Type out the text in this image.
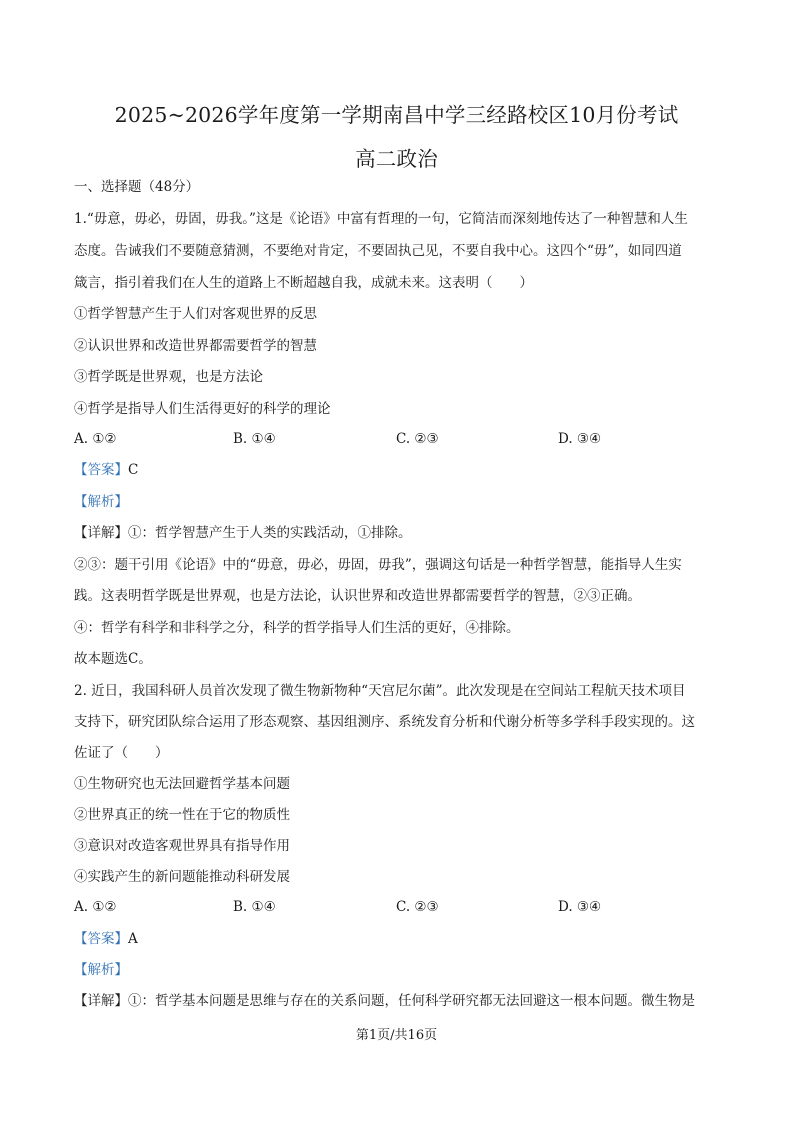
2025~2026学年度第一学期南昌中学三经路校区10月份考试
高二政治
一、选择题（48分）
1.“毋意，毋必，毋固，毋我。”这是《论语》中富有哲理的一句，它简洁而深刻地传达了一种智慧和人生
态度。告诫我们不要随意猜测，不要绝对肯定，不要固执己见，不要自我中心。这四个“毋”，如同四道
箴言，指引着我们在人生的道路上不断超越自我，成就未来。这表明（　　）
①哲学智慧产生于人们对客观世界的反思
②认识世界和改造世界都需要哲学的智慧
③哲学既是世界观，也是方法论
④哲学是指导人们生活得更好的科学的理论
A. ①②	B. ①④	C. ②③	D. ③④
【答案】C
【解析】
【详解】①：哲学智慧产生于人类的实践活动，①排除。
②③：题干引用《论语》中的“毋意，毋必，毋固，毋我”，强调这句话是一种哲学智慧，能指导人生实
践。这表明哲学既是世界观，也是方法论，认识世界和改造世界都需要哲学的智慧，②③正确。
④：哲学有科学和非科学之分，科学的哲学指导人们生活的更好，④排除。
故本题选C。
2. 近日，我国科研人员首次发现了微生物新物种“天宫尼尔菌”。此次发现是在空间站工程航天技术项目
支持下，研究团队综合运用了形态观察、基因组测序、系统发育分析和代谢分析等多学科手段实现的。这
佐证了（　　）
①生物研究也无法回避哲学基本问题
②世界真正的统一性在于它的物质性
③意识对改造客观世界具有指导作用
④实践产生的新问题能推动科研发展
A. ①②	B. ①④	C. ②③	D. ③④
【答案】A
【解析】
【详解】①：哲学基本问题是思维与存在的关系问题，任何科学研究都无法回避这一根本问题。微生物是
第1页/共16页
